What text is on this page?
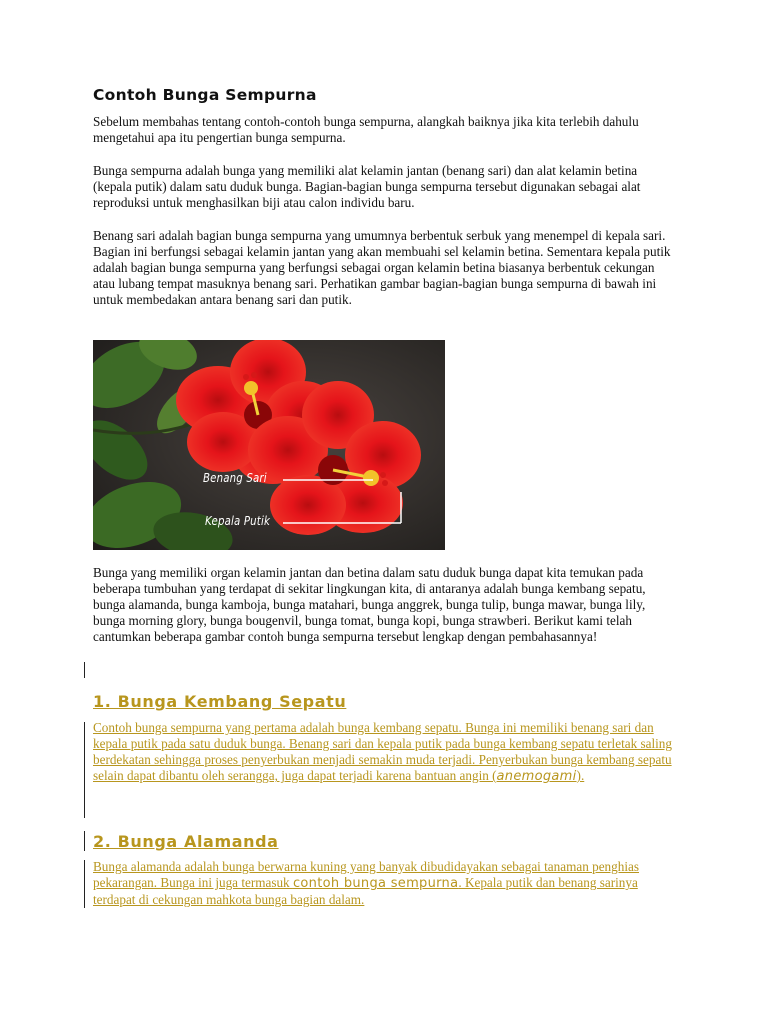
Contoh Bunga Sempurna

Sebelum membahas tentang contoh-contoh bunga sempurna, alangkah baiknya jika kita terlebih dahulu mengetahui apa itu pengertian bunga sempurna.

Bunga sempurna adalah bunga yang memiliki alat kelamin jantan (benang sari) dan alat kelamin betina (kepala putik) dalam satu duduk bunga. Bagian-bagian bunga sempurna tersebut digunakan sebagai alat reproduksi untuk menghasilkan biji atau calon individu baru.

Benang sari adalah bagian bunga sempurna yang umumnya berbentuk serbuk yang menempel di kepala sari. Bagian ini berfungsi sebagai kelamin jantan yang akan membuahi sel kelamin betina. Sementara kepala putik adalah bagian bunga sempurna yang berfungsi sebagai organ kelamin betina biasanya berbentuk cekungan atau lubang tempat masuknya benang sari. Perhatikan gambar bagian-bagian bunga sempurna di bawah ini untuk membedakan antara benang sari dan putik.

Benang Sari
Kepala Putik

Bunga yang memiliki organ kelamin jantan dan betina dalam satu duduk bunga dapat kita temukan pada beberapa tumbuhan yang terdapat di sekitar lingkungan kita, di antaranya adalah bunga kembang sepatu, bunga alamanda, bunga kamboja, bunga matahari, bunga anggrek, bunga tulip, bunga mawar, bunga lily, bunga morning glory, bunga bougenvil, bunga tomat, bunga kopi, bunga strawberi. Berikut kami telah cantumkan beberapa gambar contoh bunga sempurna tersebut lengkap dengan pembahasannya!

1. Bunga Kembang Sepatu

Contoh bunga sempurna yang pertama adalah bunga kembang sepatu. Bunga ini memiliki benang sari dan kepala putik pada satu duduk bunga. Benang sari dan kepala putik pada bunga kembang sepatu terletak saling berdekatan sehingga proses penyerbukan menjadi semakin muda terjadi. Penyerbukan bunga kembang sepatu selain dapat dibantu oleh serangga, juga dapat terjadi karena bantuan angin (anemogami).

2. Bunga Alamanda

Bunga alamanda adalah bunga berwarna kuning yang banyak dibudidayakan sebagai tanaman penghias pekarangan. Bunga ini juga termasuk contoh bunga sempurna. Kepala putik dan benang sarinya terdapat di cekungan mahkota bunga bagian dalam.
